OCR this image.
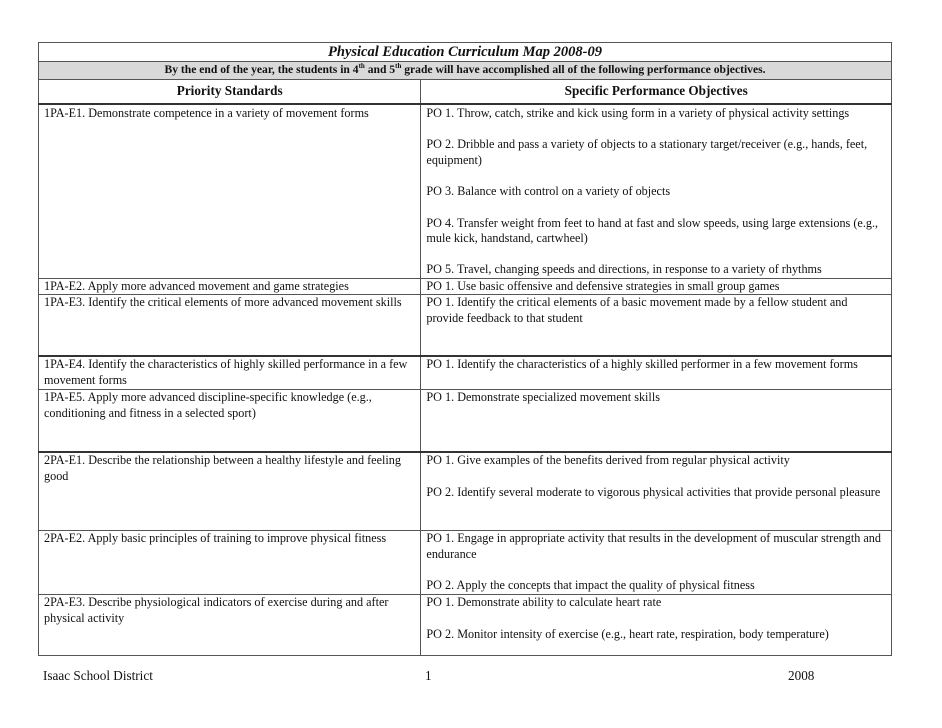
Physical Education Curriculum Map 2008-09	
By the end of the year, the students in 4th and 5th grade will have accomplished all of the following performance objectives.	
Priority Standards	Specific Performance Objectives
1PA-E1. Demonstrate competence in a variety of movement forms	PO 1. Throw, catch, strike and kick using form in a variety of physical activity settings

PO 2. Dribble and pass a variety of objects to a stationary target/receiver (e.g., hands, feet, equipment)

PO 3. Balance with control on a variety of objects

PO 4. Transfer weight from feet to hand at fast and slow speeds, using large extensions (e.g., mule kick, handstand, cartwheel)

PO 5. Travel, changing speeds and directions, in response to a variety of rhythms

1PA-E2. Apply more advanced movement and game strategies	PO 1. Use basic offensive and defensive strategies in small group games

1PA-E3. Identify the critical elements of more advanced movement skills	PO 1. Identify the critical elements of a basic movement made by a fellow student and provide feedback to that student

1PA-E4. Identify the characteristics of highly skilled performance in a few movement forms	PO 1. Identify the characteristics of a highly skilled performer in a few movement forms

1PA-E5. Apply more advanced discipline-specific knowledge (e.g., conditioning and fitness in a selected sport)	PO 1. Demonstrate specialized movement skills

2PA-E1. Describe the relationship between a healthy lifestyle and feeling good	PO 1. Give examples of the benefits derived from regular physical activity

PO 2. Identify several moderate to vigorous physical activities that provide personal pleasure

2PA-E2. Apply basic principles of training to improve physical fitness	PO 1. Engage in appropriate activity that results in the development of muscular strength and endurance

PO 2. Apply the concepts that impact the quality of physical fitness

2PA-E3. Describe physiological indicators of exercise during and after physical activity	PO 1. Demonstrate ability to calculate heart rate

PO 2. Monitor intensity of exercise (e.g., heart rate, respiration, body temperature)

Isaac School District	1	2008
